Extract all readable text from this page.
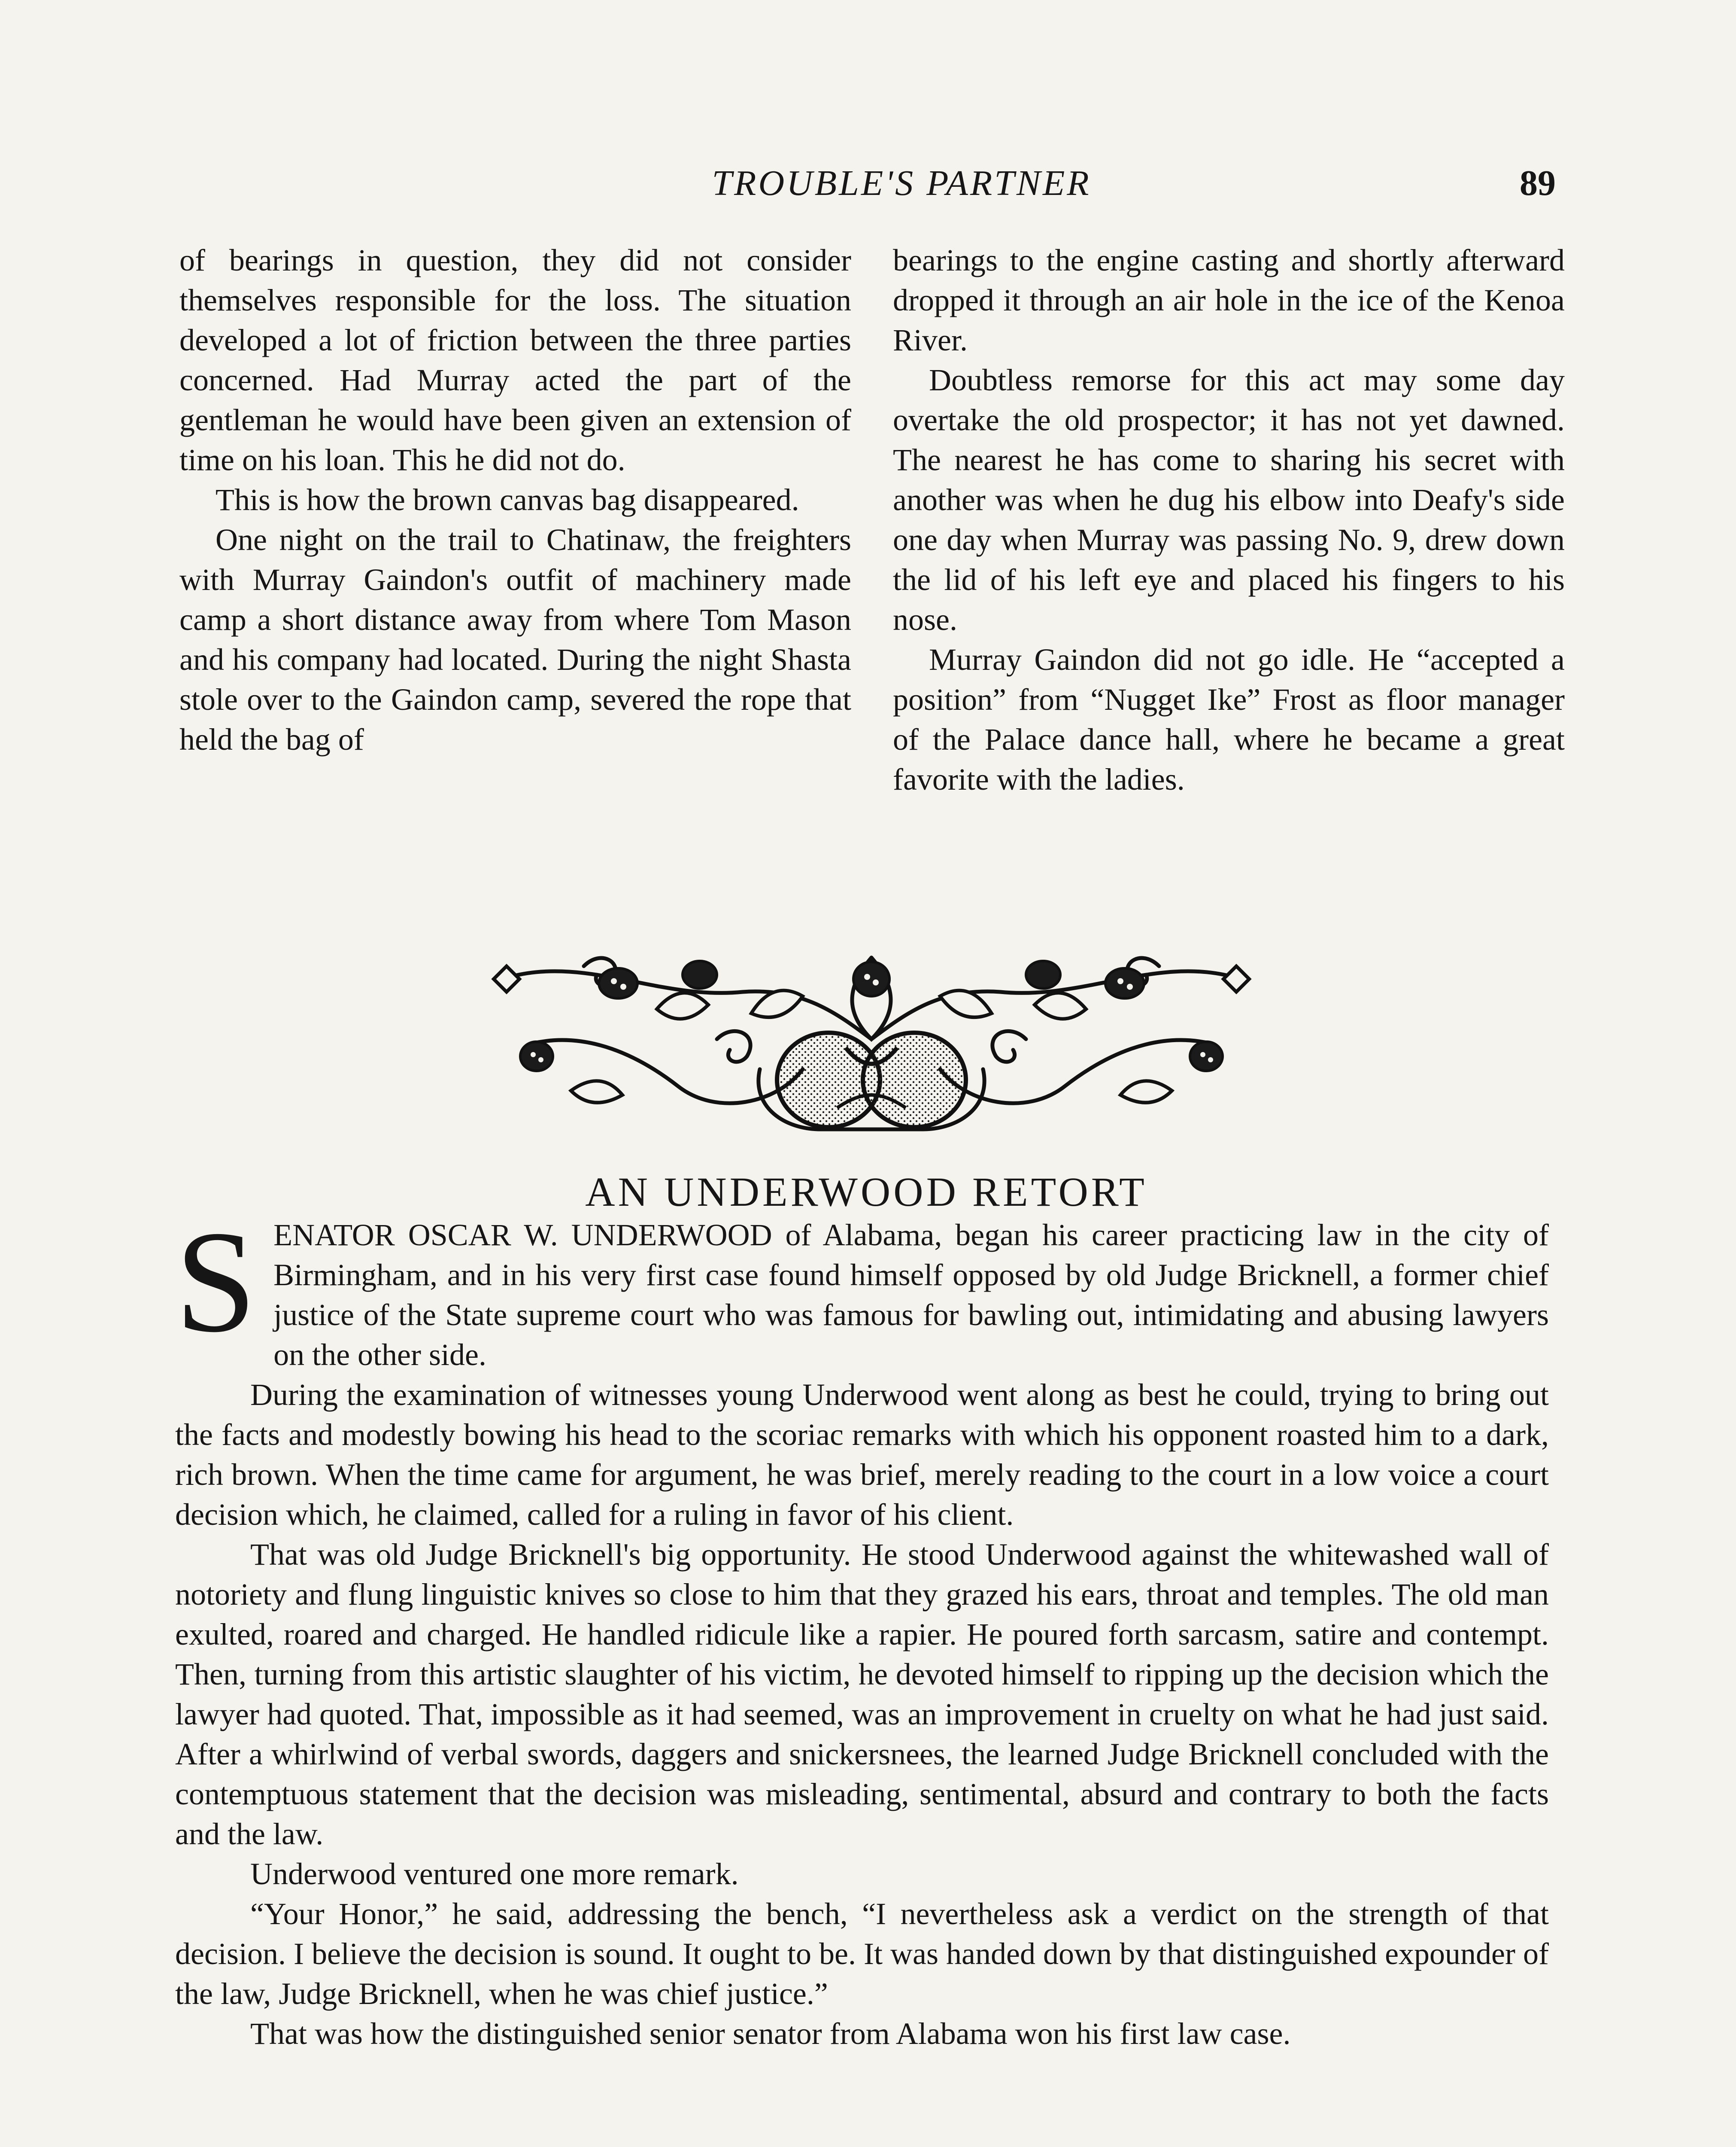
TROUBLE'S PARTNER	89

of bearings in question, they did not consider themselves responsible for the loss. The situation developed a lot of friction between the three parties concerned. Had Murray acted the part of the gentleman he would have been given an extension of time on his loan. This he did not do.

This is how the brown canvas bag disappeared.

One night on the trail to Chatinaw, the freighters with Murray Gaindon's outfit of machinery made camp a short distance away from where Tom Mason and his company had located. During the night Shasta stole over to the Gaindon camp, severed the rope that held the bag of

bearings to the engine casting and shortly afterward dropped it through an air hole in the ice of the Kenoa River.

Doubtless remorse for this act may some day overtake the old prospector; it has not yet dawned. The nearest he has come to sharing his secret with another was when he dug his elbow into Deafy's side one day when Murray was passing No. 9, drew down the lid of his left eye and placed his fingers to his nose.

Murray Gaindon did not go idle. He “accepted a position” from “Nugget Ike” Frost as floor manager of the Palace dance hall, where he became a great favorite with the ladies.

AN UNDERWOOD RETORT

SENATOR OSCAR W. UNDERWOOD of Alabama, began his career practicing law in the city of Birmingham, and in his very first case found himself opposed by old Judge Bricknell, a former chief justice of the State supreme court who was famous for bawling out, intimidating and abusing lawyers on the other side.

During the examination of witnesses young Underwood went along as best he could, trying to bring out the facts and modestly bowing his head to the scoriac remarks with which his opponent roasted him to a dark, rich brown. When the time came for argument, he was brief, merely reading to the court in a low voice a court decision which, he claimed, called for a ruling in favor of his client.

That was old Judge Bricknell's big opportunity. He stood Underwood against the whitewashed wall of notoriety and flung linguistic knives so close to him that they grazed his ears, throat and temples. The old man exulted, roared and charged. He handled ridicule like a rapier. He poured forth sarcasm, satire and contempt. Then, turning from this artistic slaughter of his victim, he devoted himself to ripping up the decision which the lawyer had quoted. That, impossible as it had seemed, was an improvement in cruelty on what he had just said. After a whirlwind of verbal swords, daggers and snickersnees, the learned Judge Bricknell concluded with the contemptuous statement that the decision was misleading, sentimental, absurd and contrary to both the facts and the law.

Underwood ventured one more remark.

“Your Honor,” he said, addressing the bench, “I nevertheless ask a verdict on the strength of that decision. I believe the decision is sound. It ought to be. It was handed down by that distinguished expounder of the law, Judge Bricknell, when he was chief justice.”

That was how the distinguished senior senator from Alabama won his first law case.
